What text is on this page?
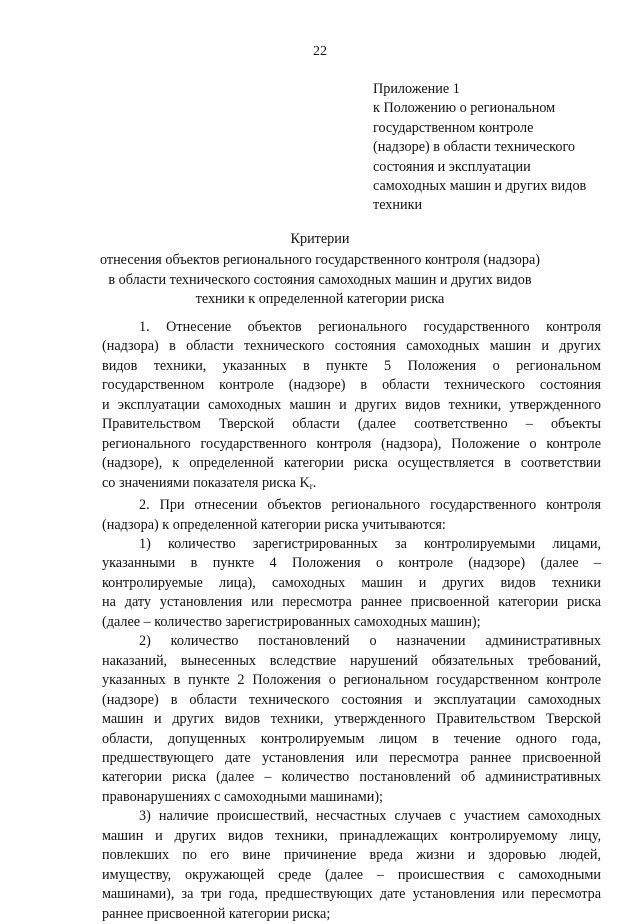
22
Приложение 1
к Положению о региональном
государственном контроле
(надзоре) в области технического
состояния и эксплуатации
самоходных машин и других видов
техники
Критерии
отнесения объектов регионального государственного контроля (надзора)
в области технического состояния самоходных машин и других видов
техники к определенной категории риска

1. Отнесение объектов регионального государственного контроля
(надзора) в области технического состояния самоходных машин и других
видов техники, указанных в пункте 5 Положения о региональном
государственном контроле (надзоре) в области технического состояния
и эксплуатации самоходных машин и других видов техники, утвержденного
Правительством Тверской области (далее соответственно – объекты
регионального государственного контроля (надзора), Положение о контроле
(надзоре), к определенной категории риска осуществляется в соответствии
со значениями показателя риска $K_r$.

2. При отнесении объектов регионального государственного контроля
(надзора) к определенной категории риска учитываются:

1) количество зарегистрированных за контролируемыми лицами,
указанными в пункте 4 Положения о контроле (надзоре) (далее –
контролируемые лица), самоходных машин и других видов техники
на дату установления или пересмотра раннее присвоенной категории риска
(далее – количество зарегистрированных самоходных машин);

2) количество постановлений о назначении административных
наказаний, вынесенных вследствие нарушений обязательных требований,
указанных в пункте 2 Положения о региональном государственном контроле
(надзоре) в области технического состояния и эксплуатации самоходных
машин и других видов техники, утвержденного Правительством Тверской
области, допущенных контролируемым лицом в течение одного года,
предшествующего дате установления или пересмотра раннее присвоенной
категории риска (далее – количество постановлений об административных
правонарушениях с самоходными машинами);

3) наличие происшествий, несчастных случаев с участием самоходных
машин и других видов техники, принадлежащих контролируемому лицу,
повлекших по его вине причинение вреда жизни и здоровью людей,
имуществу, окружающей среде (далее – происшествия с самоходными
машинами), за три года, предшествующих дате установления или пересмотра
раннее присвоенной категории риска;
